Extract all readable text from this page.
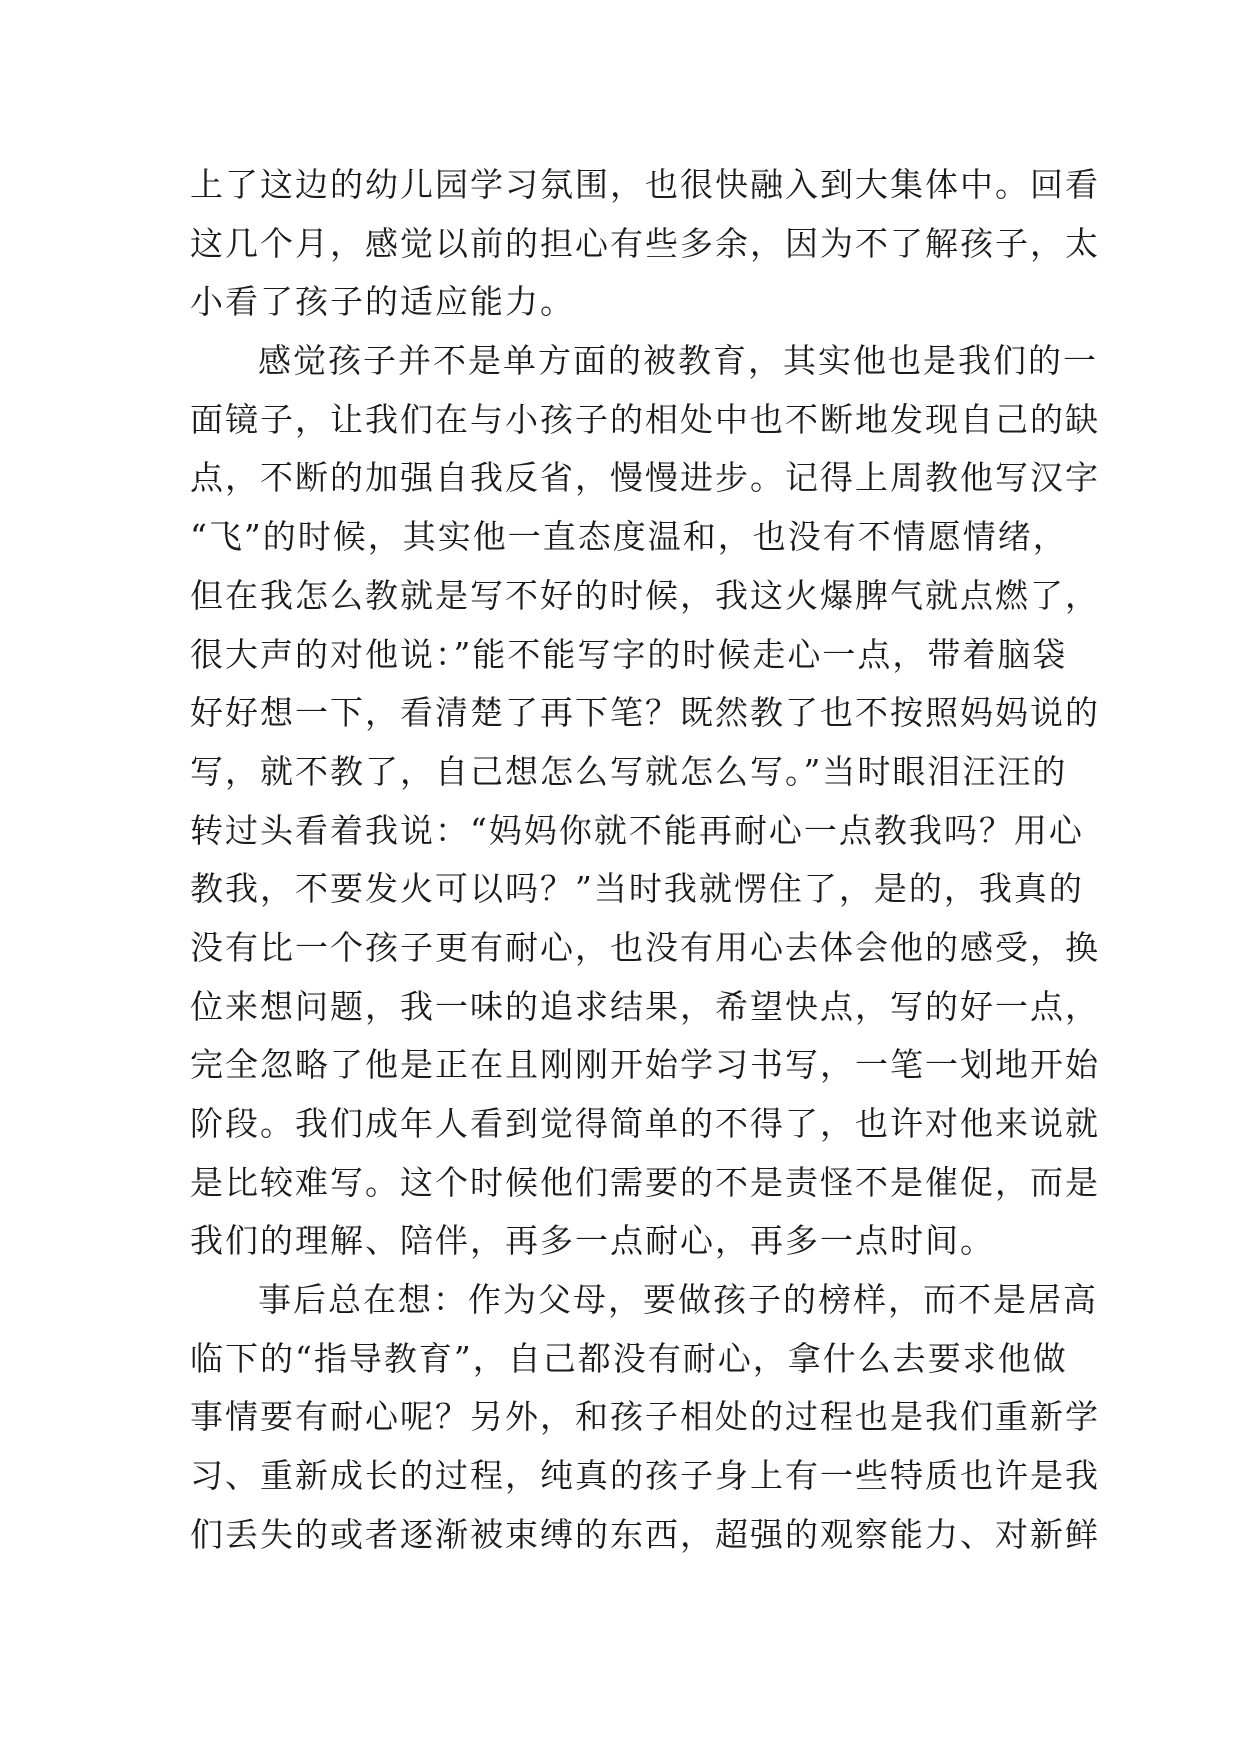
上了这边的幼儿园学习氛围，也很快融入到大集体中。回看
这几个月，感觉以前的担心有些多余，因为不了解孩子，太
小看了孩子的适应能力。
感觉孩子并不是单方面的被教育，其实他也是我们的一
面镜子，让我们在与小孩子的相处中也不断地发现自己的缺
点，不断的加强自我反省，慢慢进步。记得上周教他写汉字
“飞”的时候，其实他一直态度温和，也没有不情愿情绪，
但在我怎么教就是写不好的时候，我这火爆脾气就点燃了，
很大声的对他说：”能不能写字的时候走心一点，带着脑袋
好好想一下，看清楚了再下笔？既然教了也不按照妈妈说的
写，就不教了，自己想怎么写就怎么写。”当时眼泪汪汪的
转过头看着我说：“妈妈你就不能再耐心一点教我吗？用心
教我，不要发火可以吗？”当时我就愣住了，是的，我真的
没有比一个孩子更有耐心，也没有用心去体会他的感受，换
位来想问题，我一味的追求结果，希望快点，写的好一点，
完全忽略了他是正在且刚刚开始学习书写，一笔一划地开始
阶段。我们成年人看到觉得简单的不得了，也许对他来说就
是比较难写。这个时候他们需要的不是责怪不是催促，而是
我们的理解、陪伴，再多一点耐心，再多一点时间。
事后总在想：作为父母，要做孩子的榜样，而不是居高
临下的“指导教育”，自己都没有耐心，拿什么去要求他做
事情要有耐心呢？另外，和孩子相处的过程也是我们重新学
习、重新成长的过程，纯真的孩子身上有一些特质也许是我
们丢失的或者逐渐被束缚的东西，超强的观察能力、对新鲜
